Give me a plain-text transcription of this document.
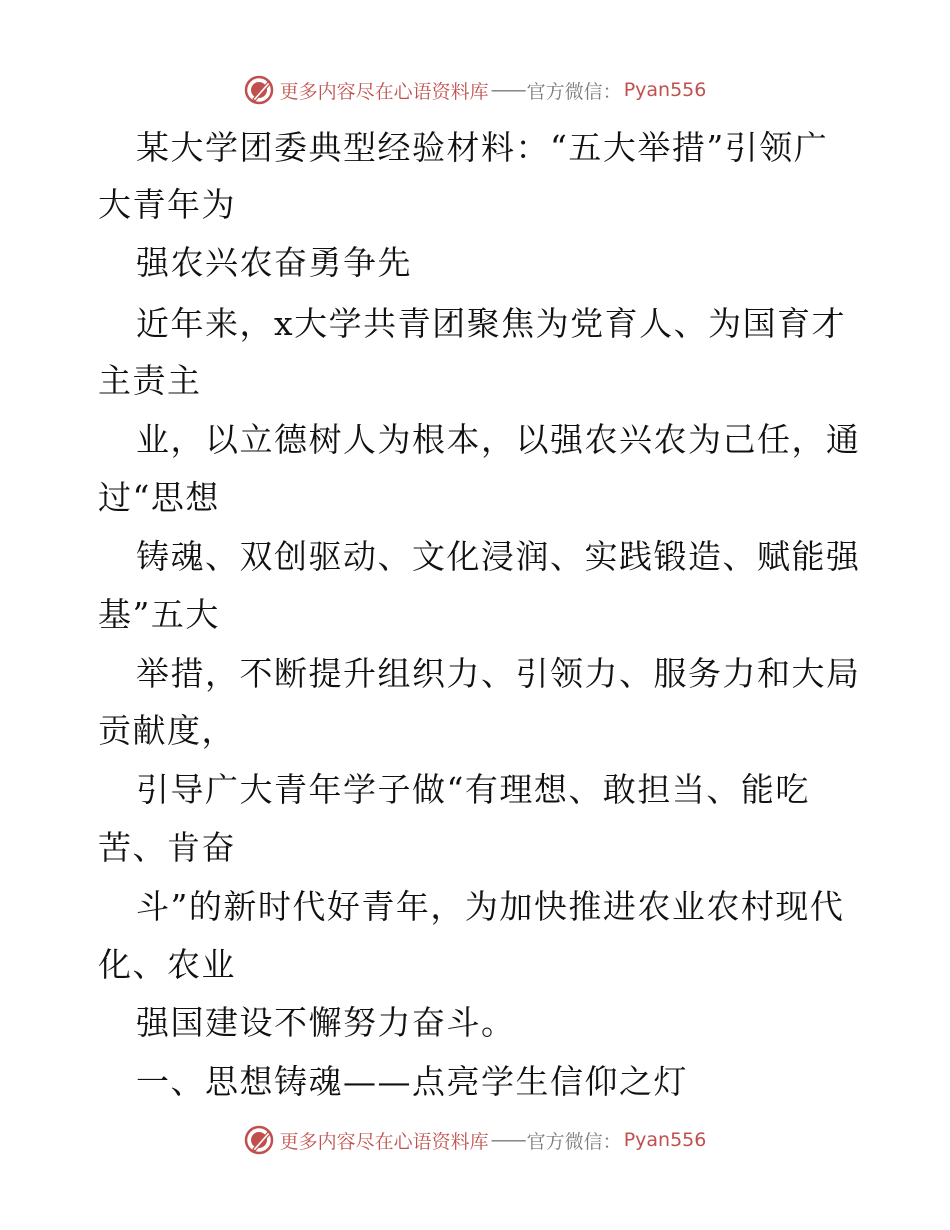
更多内容尽在心语资料库 —— 官方微信： Pyan556
某大学团委典型经验材料：“五大举措”引领广
大青年为
强农兴农奋勇争先
近年来，x大学共青团聚焦为党育人、为国育才
主责主
业，以立德树人为根本，以强农兴农为己任，通
过“思想
铸魂、双创驱动、文化浸润、实践锻造、赋能强
基”五大
举措，不断提升组织力、引领力、服务力和大局
贡献度，
引导广大青年学子做“有理想、敢担当、能吃
苦、肯奋
斗”的新时代好青年，为加快推进农业农村现代
化、农业
强国建设不懈努力奋斗。
一、思想铸魂——点亮学生信仰之灯
更多内容尽在心语资料库 —— 官方微信： Pyan556
